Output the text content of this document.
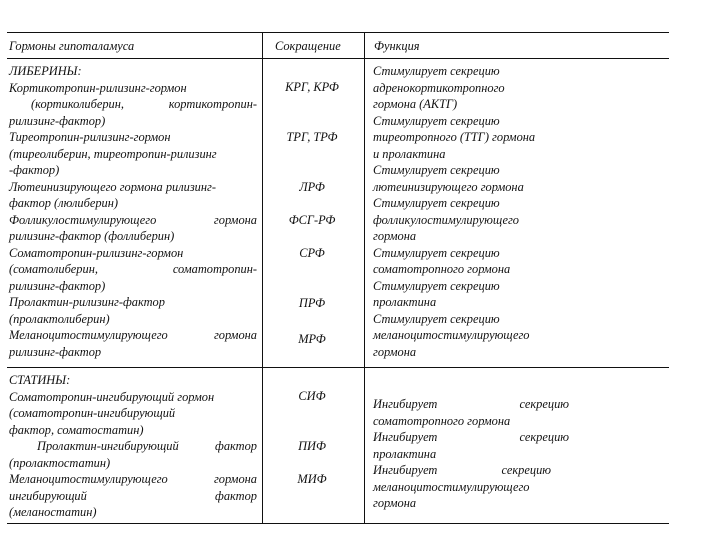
Гормоны гипоталамуса	Сокращение	Функция
ЛИБЕРИНЫ:
Кортикотропин-рилизинг-гормон
(кортиколиберин, кортикотропин-
рилизинг-фактор)
Тиреотропин-рилизинг-гормон
(тиреолиберин, тиреотропин-рилизинг
-фактор)
Лютеинизирующего гормона рилизинг-
фактор (люлиберин)
Фолликулостимулирующего гормона
рилизинг-фактор (фоллиберин)
Соматотропин-рилизинг-гормон
(соматолиберин, соматотропин-
рилизинг-фактор)
Пролактин-рилизинг-фактор
(пролактолиберин)
Меланоцитостимулирующего гормона
рилизинг-фактор
КРГ, КРФ
ТРГ, ТРФ
ЛРФ
ФСГ-РФ
СРФ
ПРФ
МРФ
Стимулирует секрецию
адренокортикотропного
гормона (АКТГ)
Стимулирует секрецию
тиреотропного (ТТГ) гормона
и пролактина
Стимулирует секрецию
лютеинизирующего гормона
Стимулирует секрецию
фолликулостимулирующего
гормона
Стимулирует секрецию
соматотропного гормона
Стимулирует секрецию
пролактина
Стимулирует секрецию
меланоцитостимулирующего
гормона
СТАТИНЫ:
Соматотропин-ингибирующий гормон
(соматотропин-ингибирующий
фактор, соматостатин)
Пролактин-ингибирующий фактор
(пролактостатин)
Меланоцитостимулирующего гормона
ингибирующий фактор
(меланостатин)
СИФ
ПИФ
МИФ
Ингибирует секрецию
соматотропного гормона
Ингибирует секрецию
пролактина
Ингибирует секрецию
меланоцитостимулирующего
гормона
